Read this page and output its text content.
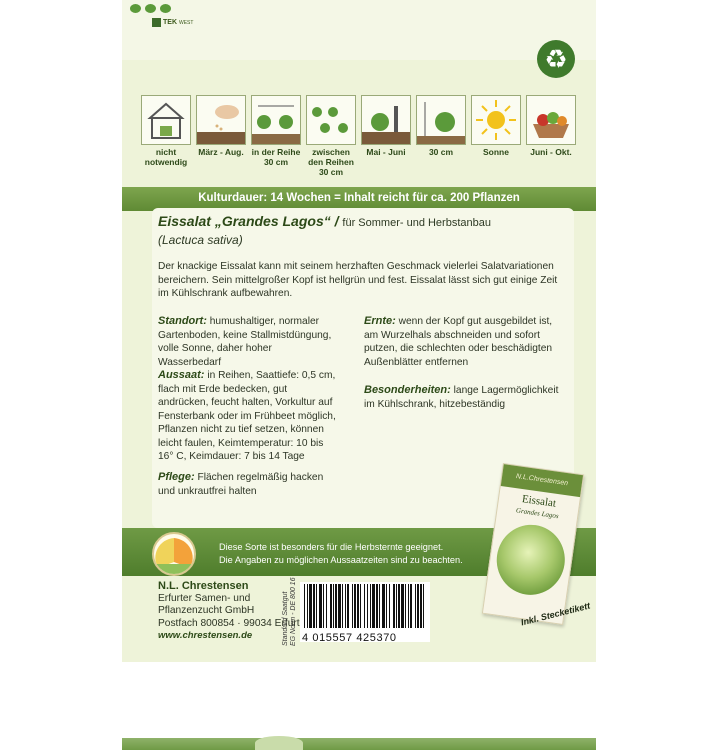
TEK WEST
♻
nicht notwendig
März - Aug. in der Reihe 30 cm
zwischen den Reihen 30 cm
Mai - Juni	30 cm	Sonne	Juni - Okt.
Kulturdauer: 14 Wochen = Inhalt reicht für ca. 200 Pflanzen
Eissalat „Grandes Lagos“ / für Sommer- und Herbstanbau
(Lactuca sativa)
Der knackige Eissalat kann mit seinem herzhaften Geschmack vielerlei Salatvariationen bereichern. Sein mittelgroßer Kopf ist hellgrün und fest. Eissalat lässt sich gut einige Zeit im Kühlschrank aufbewahren.
Standort: humushaltiger, normaler Gartenboden, keine Stallmistdüngung, volle Sonne, daher hoher Wasserbedarf
Aussaat: in Reihen, Saattiefe: 0,5 cm, flach mit Erde bedecken, gut andrücken, feucht halten, Vorkultur auf Fensterbank oder im Frühbeet möglich, Pflanzen nicht zu tief setzen, können leicht faulen, Keimtemperatur: 10 bis 16° C, Keimdauer: 7 bis 14 Tage
Pflege: Flächen regelmäßig hacken und unkrautfrei halten
Ernte: wenn der Kopf gut ausgebildet ist, am Wurzelhals abschneiden und sofort putzen, die schlechten oder beschädigten Außenblätter entfernen
Besonderheiten: lange Lagermöglichkeit im Kühlschrank, hitzebeständig
Diese Sorte ist besonders für die Herbsternte geeignet.
Die Angaben zu möglichen Aussaatzeiten sind zu beachten.
N.L. Chrestensen
Erfurter Samen- und
Pflanzenzucht GmbH
Postfach 800854 · 99034 Erfurt
www.chrestensen.de	Standard Saatgut EG Norm - DE 800 16 4 015557 425370
N.L.Chrestensen
Eissalat
Grandes Lagos
Inkl. Stecketikett
